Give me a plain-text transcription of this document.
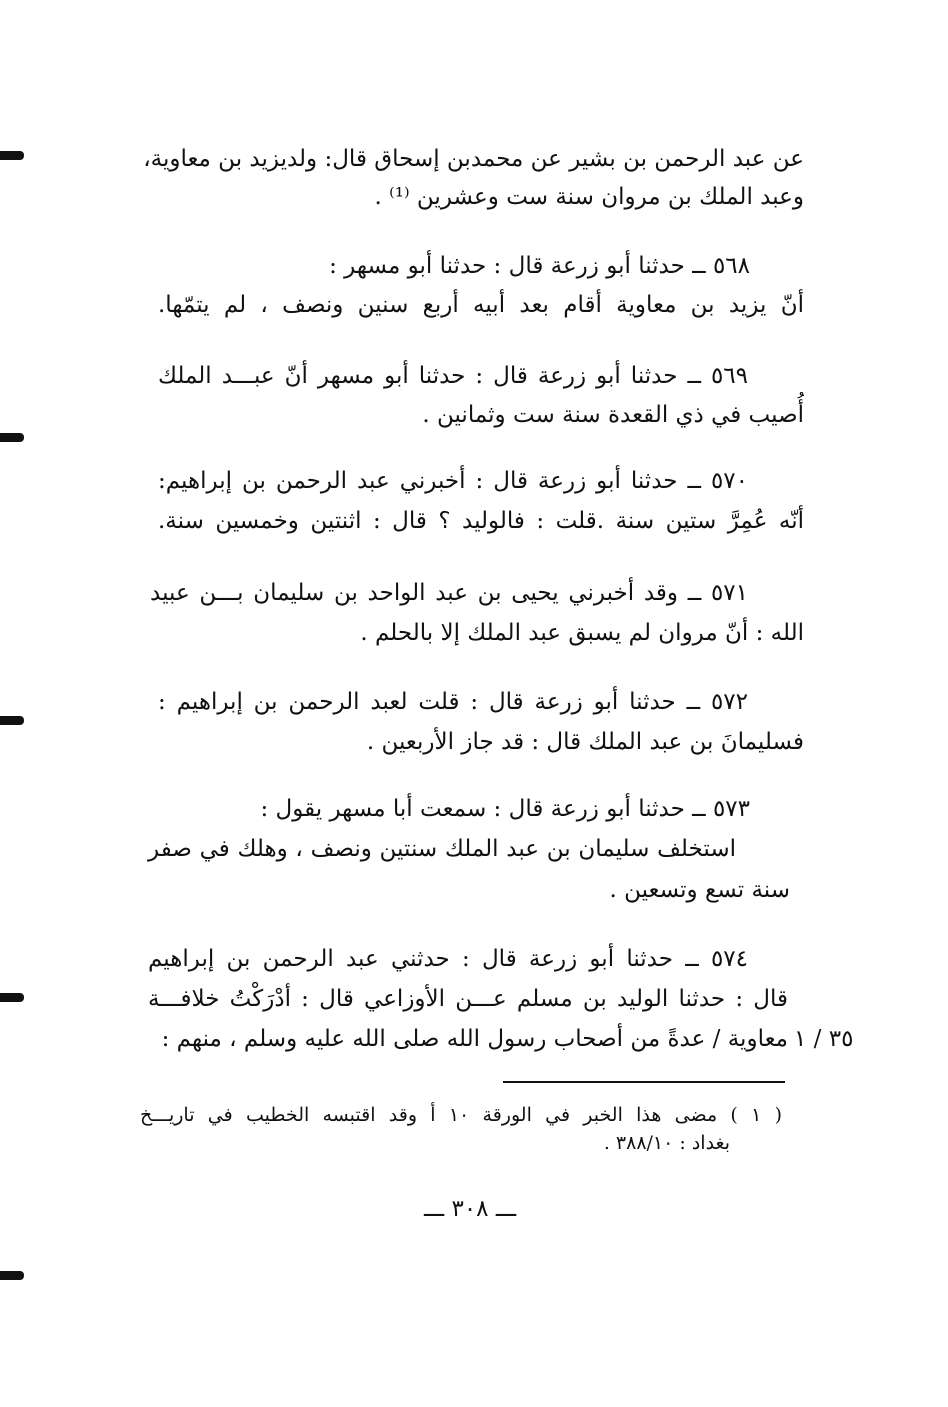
عن عبد الرحمن بن بشير عن محمدبن إسحاق قال: ولديزيد بن معاوية،
وعبد الملك بن مروان سنة ست وعشرين ⁽¹⁾ .
٥٦٨ ــ حدثنا أبو زرعة قال : حدثنا أبو مسهر :
أنّ يزيد بن معاوية أقام بعد أبيه أربع سنين ونصف ، لم يتمّها.
٥٦٩ ــ حدثنا أبو زرعة قال : حدثنا أبو مسهر أنّ عبـــد الملك
أُصيب في ذي القعدة سنة ست وثمانين .
٥٧٠ ــ حدثنا أبو زرعة قال : أخبرني عبد الرحمن بن إبراهيم:
أنّه عُمِرَّ ستين سنة .قلت : فالوليد ؟ قال : اثنتين وخمسين سنة.
٥٧١ ــ وقد أخبرني يحيى بن عبد الواحد بن سليمان بـــن عبيد
الله : أنّ مروان لم يسبق عبد الملك إلا بالحلم .
٥٧٢ ــ حدثنا أبو زرعة قال : قلت لعبد الرحمن بن إبراهيم :
فسليمانَ بن عبد الملك قال : قد جاز الأربعين .
٥٧٣ ــ حدثنا أبو زرعة قال : سمعت أبا مسهر يقول :
استخلف سليمان بن عبد الملك سنتين ونصف ، وهلك في صفر
سنة تسع وتسعين .
٥٧٤ ــ حدثنا أبو زرعة قال : حدثني عبد الرحمن بن إبراهيم
قال : حدثنا الوليد بن مسلم عـــن الأوزاعي قال : أدْرَكْتُ خلافـــة
معاوية / عدةً من أصحاب رسول الله صلى الله عليه وسلم ، منهم : ٣٥ / ١
( ١ ) مضى هذا الخبر في الورقة ١٠ أ وقد اقتبسه الخطيب في تاريـــخ
بغداد : ٣٨٨/١٠ .
ـــ ٣٠٨ ـــ
